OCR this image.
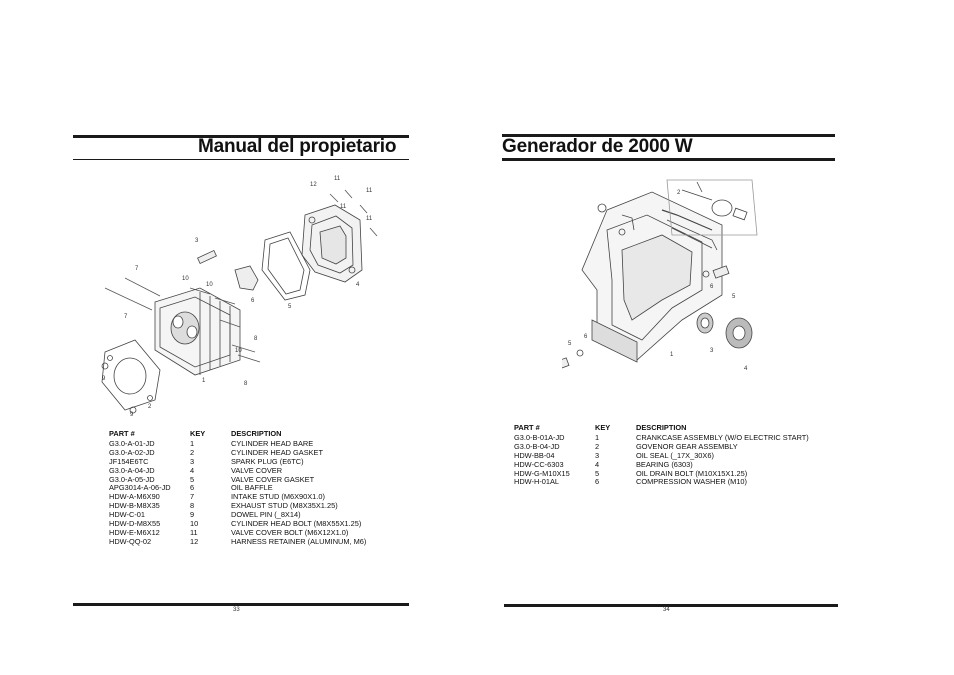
Manual del propietario
12
11
11
11
11
3
7
7
10
10
10
6
5
4
8
8
9
9
2
1
PART #	KEY	DESCRIPTION
G3.0-A-01-JD	1	CYLINDER HEAD BARE
G3.0-A-02-JD	2	CYLINDER HEAD GASKET
JF154E6TC	3	SPARK PLUG (E6TC)
G3.0-A-04-JD	4	VALVE COVER
G3.0-A-05-JD	5	VALVE COVER GASKET
APG3014-A-06-JD	6	OIL BAFFLE
HDW-A-M6X90	7	INTAKE STUD (M6X90X1.0)
HDW-B-M8X35	8	EXHAUST STUD (M8X35X1.25)
HDW-C-01	9	DOWEL PIN (_8X14)
HDW-D-M8X55	10	CYLINDER HEAD BOLT (M8X55X1.25)
HDW-E-M6X12	11	VALVE COVER BOLT (M6X12X1.0)
HDW-QQ-02	12	HARNESS RETAINER (ALUMINUM, M6)
33
Generador de 2000 W
2
6
5
6
5
1
3
4
PART #	KEY	DESCRIPTION
G3.0-B-01A-JD	1	CRANKCASE ASSEMBLY (W/O ELECTRIC START)
G3.0-B-04-JD	2	GOVENOR GEAR ASSEMBLY
HDW-BB-04	3	OIL SEAL (_17X_30X6)
HDW-CC-6303	4	BEARING (6303)
HDW-G-M10X15	5	OIL DRAIN BOLT (M10X15X1.25)
HDW-H-01AL	6	COMPRESSION WASHER (M10)
34
